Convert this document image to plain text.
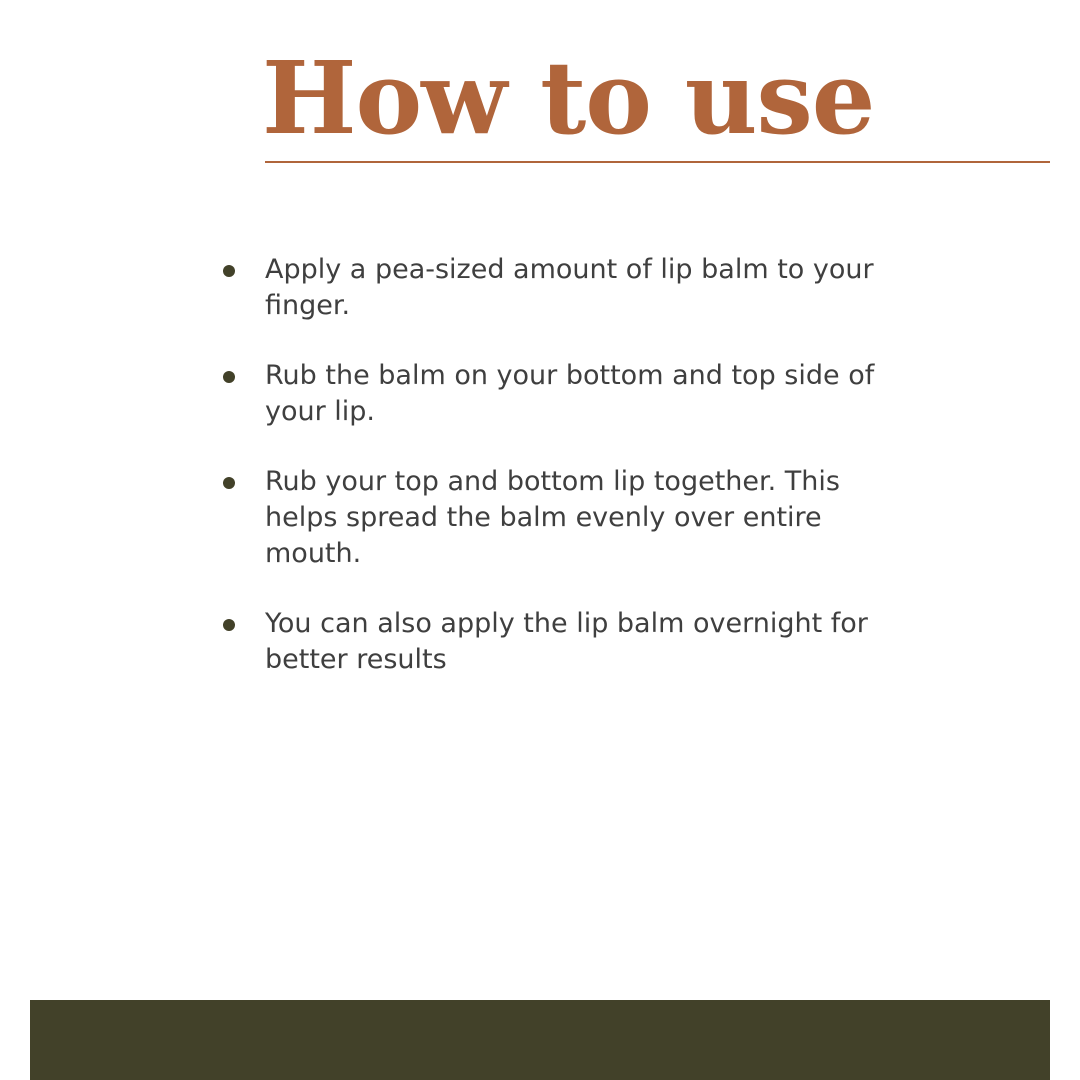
How to use
Apply a pea-sized amount of lip balm to your finger.
Rub the balm on your bottom and top side of your lip.
Rub your top and bottom lip together. This helps spread the balm evenly over entire mouth.
You can also apply the lip balm overnight for better results
